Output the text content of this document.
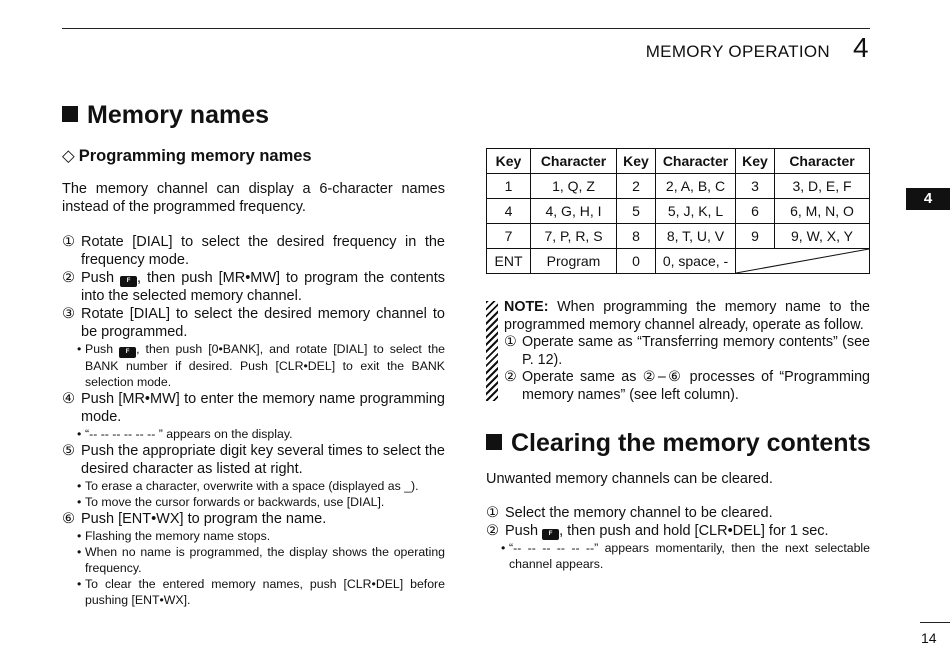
MEMORY OPERATION 4
4
Memory names
◇ Programming memory names
The memory channel can display a 6-character names instead of the programmed frequency.
① Rotate [DIAL] to select the desired frequency in the frequency mode.
② Push F , then push [MR•MW] to program the contents into the selected memory channel.
③ Rotate [DIAL] to select the desired memory channel to be programmed.
• Push F , then push [0•BANK], and rotate [DIAL] to select the BANK number if desired. Push [CLR•DEL] to exit the BANK selection mode.
④ Push [MR•MW] to enter the memory name programming mode.
• “-- -- -- -- -- -- ” appears on the display.
⑤ Push the appropriate digit key several times to select the desired character as listed at right.
• To erase a character, overwrite with a space (displayed as _).
• To move the cursor forwards or backwards, use [DIAL].
⑥ Push [ENT•WX] to program the name.
• Flashing the memory name stops.
• When no name is programmed, the display shows the operating frequency.
• To clear the entered memory names, push [CLR•DEL] before pushing [ENT•WX].
Key	Character	Key	Character	Key	Character
1	1, Q, Z	2	2, A, B, C	3	3, D, E, F
4	4, G, H, I	5	5, J, K, L	6	6, M, N, O
7	7, P, R, S	8	8, T, U, V	9	9, W, X, Y
ENT	Program	0	0, space, -	
NOTE: When programming the memory name to the programmed memory channel already, operate as follow.
① Operate same as “Transferring memory contents” (see P. 12).
② Operate same as ②–⑥ processes of “Programming memory names” (see left column).
Clearing the memory contents
Unwanted memory channels can be cleared.
① Select the memory channel to be cleared.
② Push F , then push and hold [CLR•DEL] for 1 sec.
• “-- -- -- -- -- --” appears momentarily, then the next selectable channel appears.
14
